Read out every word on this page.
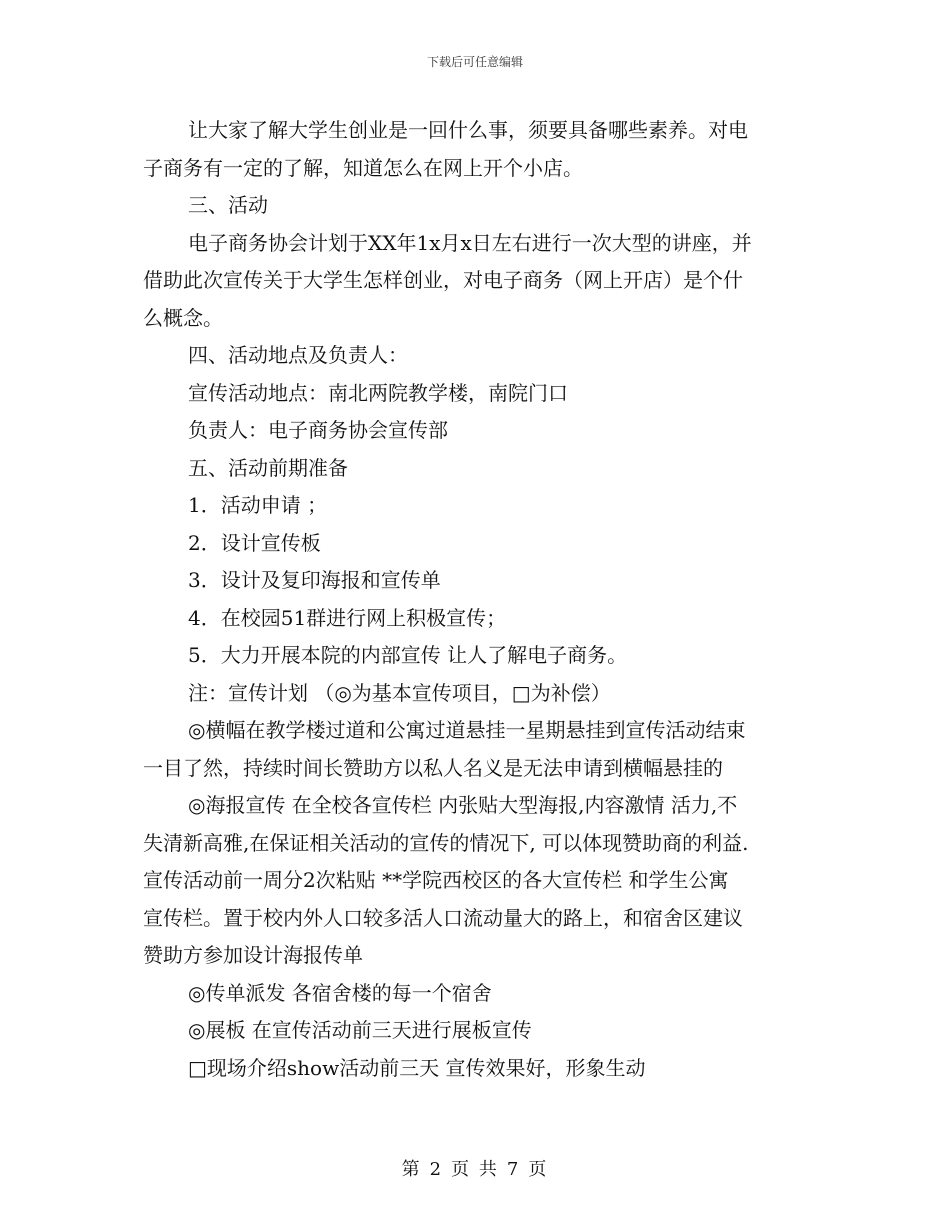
下载后可任意编辑

让大家了解大学生创业是一回什么事，须要具备哪些素养。对电

子商务有一定的了解，知道怎么在网上开个小店。

三、活动

电子商务协会计划于XX年1x月x日左右进行一次大型的讲座，并

借助此次宣传关于大学生怎样创业，对电子商务（网上开店）是个什

么概念。

四、活动地点及负责人：

宣传活动地点：南北两院教学楼，南院门口

负责人：电子商务协会宣传部

五、活动前期准备

1．活动申请 ；

2．设计宣传板

3．设计及复印海报和宣传单

4．在校园51群进行网上积极宣传；

5．大力开展本院的内部宣传 让人了解电子商务。

注：宣传计划 （◎为基本宣传项目，□为补偿）

◎横幅在教学楼过道和公寓过道悬挂一星期悬挂到宣传活动结束

一目了然，持续时间长赞助方以私人名义是无法申请到横幅悬挂的

◎海报宣传 在全校各宣传栏 内张贴大型海报,内容激情 活力,不

失清新高雅,在保证相关活动的宣传的情况下, 可以体现赞助商的利益.

宣传活动前一周分2次粘贴 **学院西校区的各大宣传栏 和学生公寓

宣传栏。置于校内外人口较多活人口流动量大的路上，和宿舍区建议

赞助方参加设计海报传单

◎传单派发 各宿舍楼的每一个宿舍

◎展板 在宣传活动前三天进行展板宣传

□现场介绍show活动前三天 宣传效果好，形象生动

第 2 页 共 7 页
